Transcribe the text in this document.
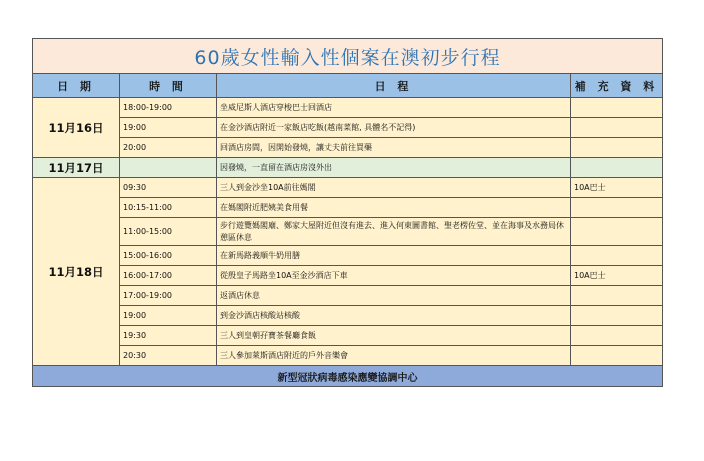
60歲女性輸入性個案在澳初步行程			
日 期	時 間	日 程	補 充 資 料
11月16日	18:00-19:00	坐威尼斯人酒店穿梭巴士回酒店	
	19:00	在金沙酒店附近一家飯店吃飯(越南菜館, 具體名不記得)	
	20:00	回酒店房間，因開始發燒，讓丈夫前往買藥	
11月17日		因發燒，一直留在酒店房沒外出	
11月18日	09:30	三人到金沙坐10A前往媽閣	10A巴士
	10:15-11:00	在媽閣附近肥姨美食用餐	
	11:00-15:00	步行遊覽媽閣廟、鄭家大屋附近但沒有進去、進入何東圖書館、聖老楞佐堂、並在海事及水務局休憩區休息	
	15:00-16:00	在新馬路義順牛奶用膳	
	16:00-17:00	從殷皇子馬路坐10A至金沙酒店下車	10A巴士
	17:00-19:00	返酒店休息	
	19:00	到金沙酒店核酸站核酸	
	19:30	三人到皇朝孖寶茶餐廳食飯	
	20:30	三人參加萊斯酒店附近的戶外音樂會	
新型冠狀病毒感染應變協調中心			
